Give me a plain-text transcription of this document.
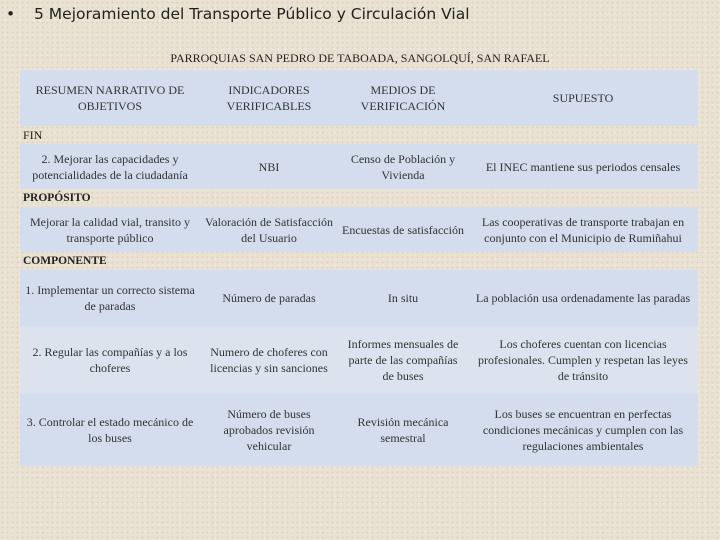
• 5 Mejoramiento del Transporte Público y Circulación Vial
PARROQUIAS SAN PEDRO DE TABOADA, SANGOLQUÍ, SAN RAFAEL
RESUMEN NARRATIVO DE OBJETIVOS
INDICADORES VERIFICABLES
MEDIOS DE VERIFICACIÓN
SUPUESTO
FIN
2. Mejorar las capacidades y potencialidades de la ciudadanía
NBI
Censo de Población y Vivienda
El INEC mantiene sus periodos censales
PROPÓSITO
Mejorar la calidad vial, transito y transporte público
Valoración de Satisfacción del Usuario
Encuestas de satisfacción
Las cooperativas de transporte trabajan en conjunto con el Municipio de Rumiñahui
COMPONENTE
1. Implementar un correcto sistema de paradas
Número de paradas	In situ	La población usa ordenadamente las paradas
2. Regular las compañías y a los choferes
Numero de choferes con licencias y sin sanciones
Informes mensuales de parte de las compañías de buses
Los choferes cuentan con licencias profesionales. Cumplen y respetan las leyes de tránsito
3. Controlar el estado mecánico de los buses
Número de buses aprobados revisión vehicular
Revisión mecánica semestral
Los buses se encuentran en perfectas condiciones mecánicas y cumplen con las regulaciones ambientales
